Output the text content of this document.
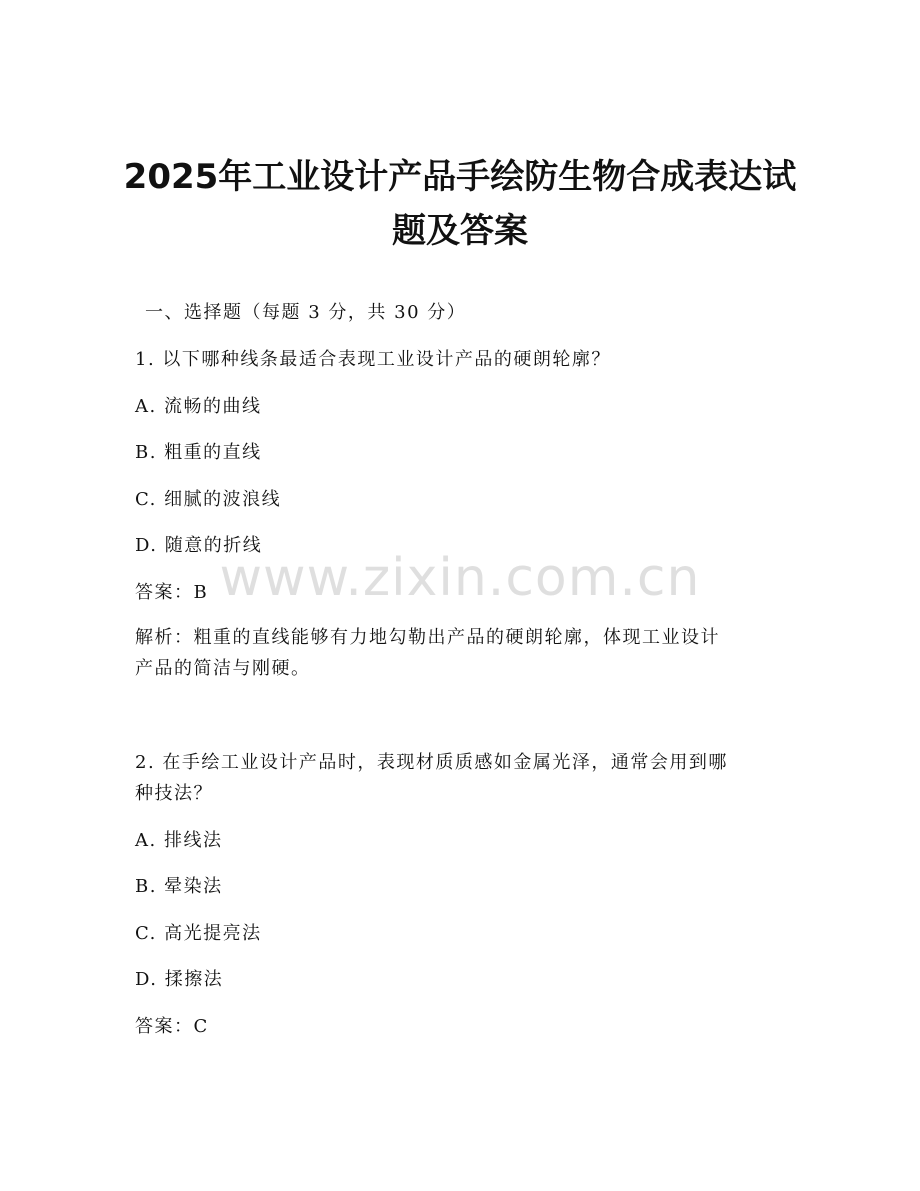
2025年工业设计产品手绘防生物合成表达试
题及答案
一、选择题（每题 3 分，共 30 分）
1. 以下哪种线条最适合表现工业设计产品的硬朗轮廓？
A. 流畅的曲线
B. 粗重的直线
C. 细腻的波浪线
D. 随意的折线
答案：B
解析：粗重的直线能够有力地勾勒出产品的硬朗轮廓，体现工业设计
产品的简洁与刚硬。
2. 在手绘工业设计产品时，表现材质质感如金属光泽，通常会用到哪
种技法？
A. 排线法
B. 晕染法
C. 高光提亮法
D. 揉擦法
答案：C
www.zixin.com.cn
